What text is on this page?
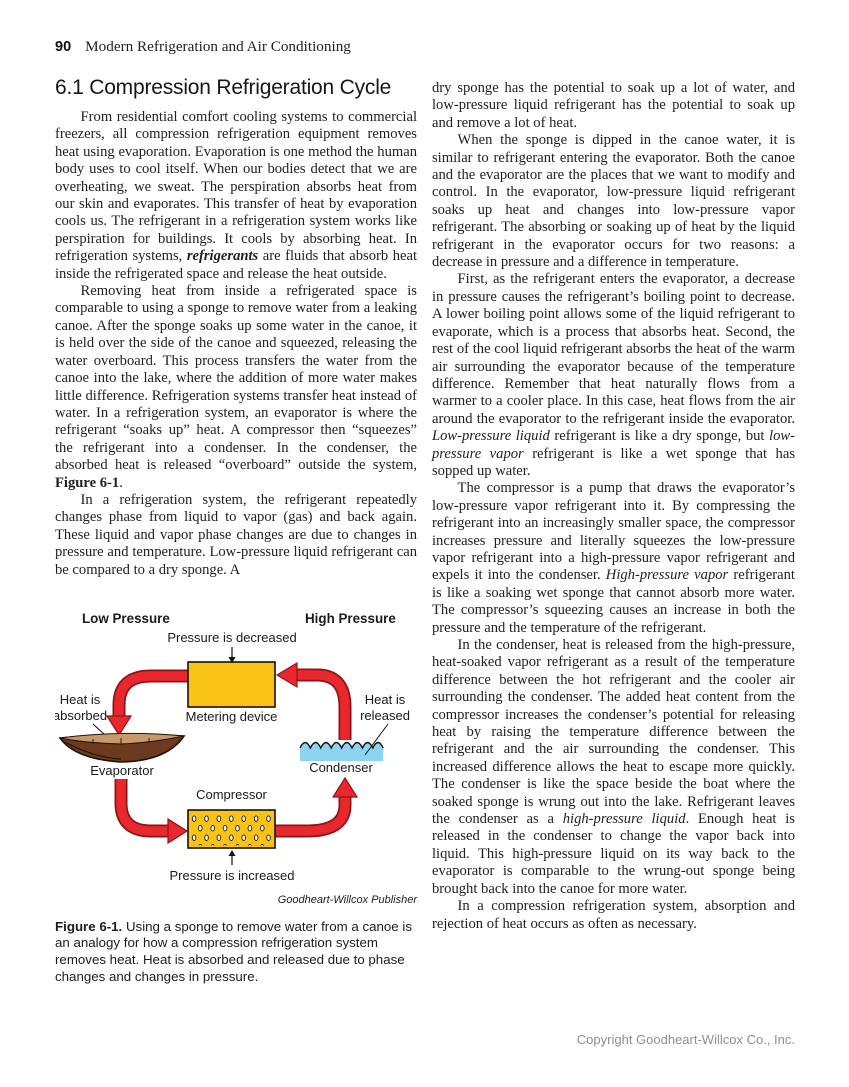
90 Modern Refrigeration and Air Conditioning
6.1 Compression Refrigeration Cycle

From residential comfort cooling systems to commercial freezers, all compression refrigeration equipment removes heat using evaporation. Evaporation is one method the human body uses to cool itself. When our bodies detect that we are overheating, we sweat. The perspiration absorbs heat from our skin and evaporates. This transfer of heat by evaporation cools us. The refrigerant in a refrigeration system works like perspiration for buildings. It cools by absorbing heat. In refrigeration systems, refrigerants are fluids that absorb heat inside the refrigerated space and release the heat outside.

Removing heat from inside a refrigerated space is comparable to using a sponge to remove water from a leaking canoe. After the sponge soaks up some water in the canoe, it is held over the side of the canoe and squeezed, releasing the water overboard. This process transfers the water from the canoe into the lake, where the addition of more water makes little difference. Refrigeration systems transfer heat instead of water. In a refrigeration system, an evaporator is where the refrigerant “soaks up” heat. A compressor then “squeezes” the refrigerant into a condenser. In the condenser, the absorbed heat is released “overboard” outside the system, Figure 6-1.

In a refrigeration system, the refrigerant repeatedly changes phase from liquid to vapor (gas) and back again. These liquid and vapor phase changes are due to changes in pressure and temperature. Low-pressure liquid refrigerant can be compared to a dry sponge. A

Low Pressure	High Pressure
Pressure is decreased
Metering device
Heat is
absorbed
Evaporator	Condenser
Heat is
released
Compressor
Pressure is increased
Goodheart-Willcox Publisher
Figure 6-1. Using a sponge to remove water from a canoe is an analogy for how a compression refrigeration system removes heat. Heat is absorbed and released due to phase changes and changes in pressure.

dry sponge has the potential to soak up a lot of water, and low-pressure liquid refrigerant has the potential to soak up and remove a lot of heat.

When the sponge is dipped in the canoe water, it is similar to refrigerant entering the evaporator. Both the canoe and the evaporator are the places that we want to modify and control. In the evaporator, low-pressure liquid refrigerant soaks up heat and changes into low-pressure vapor refrigerant. The absorbing or soaking up of heat by the liquid refrigerant in the evaporator occurs for two reasons: a decrease in pressure and a difference in temperature.

First, as the refrigerant enters the evaporator, a decrease in pressure causes the refrigerant’s boiling point to decrease. A lower boiling point allows some of the liquid refrigerant to evaporate, which is a process that absorbs heat. Second, the rest of the cool liquid refrigerant absorbs the heat of the warm air surrounding the evaporator because of the temperature difference. Remember that heat naturally flows from a warmer to a cooler place. In this case, heat flows from the air around the evaporator to the refrigerant inside the evaporator. Low-pressure liquid refrigerant is like a dry sponge, but low-pressure vapor refrigerant is like a wet sponge that has sopped up water.

The compressor is a pump that draws the evaporator’s low-pressure vapor refrigerant into it. By compressing the refrigerant into an increasingly smaller space, the compressor increases pressure and literally squeezes the low-pressure vapor refrigerant into a high-pressure vapor refrigerant and expels it into the condenser. High-pressure vapor refrigerant is like a soaking wet sponge that cannot absorb more water. The compressor’s squeezing causes an increase in both the pressure and the temperature of the refrigerant.

In the condenser, heat is released from the high-pressure, heat-soaked vapor refrigerant as a result of the temperature difference between the hot refrigerant and the cooler air surrounding the condenser. The added heat content from the compressor increases the condenser’s potential for releasing heat by raising the temperature difference between the refrigerant and the air surrounding the condenser. This increased difference allows the heat to escape more quickly. The condenser is like the space beside the boat where the soaked sponge is wrung out into the lake. Refrigerant leaves the condenser as a high-pressure liquid. Enough heat is released in the condenser to change the vapor back into liquid. This high-pressure liquid on its way back to the evaporator is comparable to the wrung-out sponge being brought back into the canoe for more water.

In a compression refrigeration system, absorption and rejection of heat occurs as often as necessary.

Copyright Goodheart-Willcox Co., Inc.
